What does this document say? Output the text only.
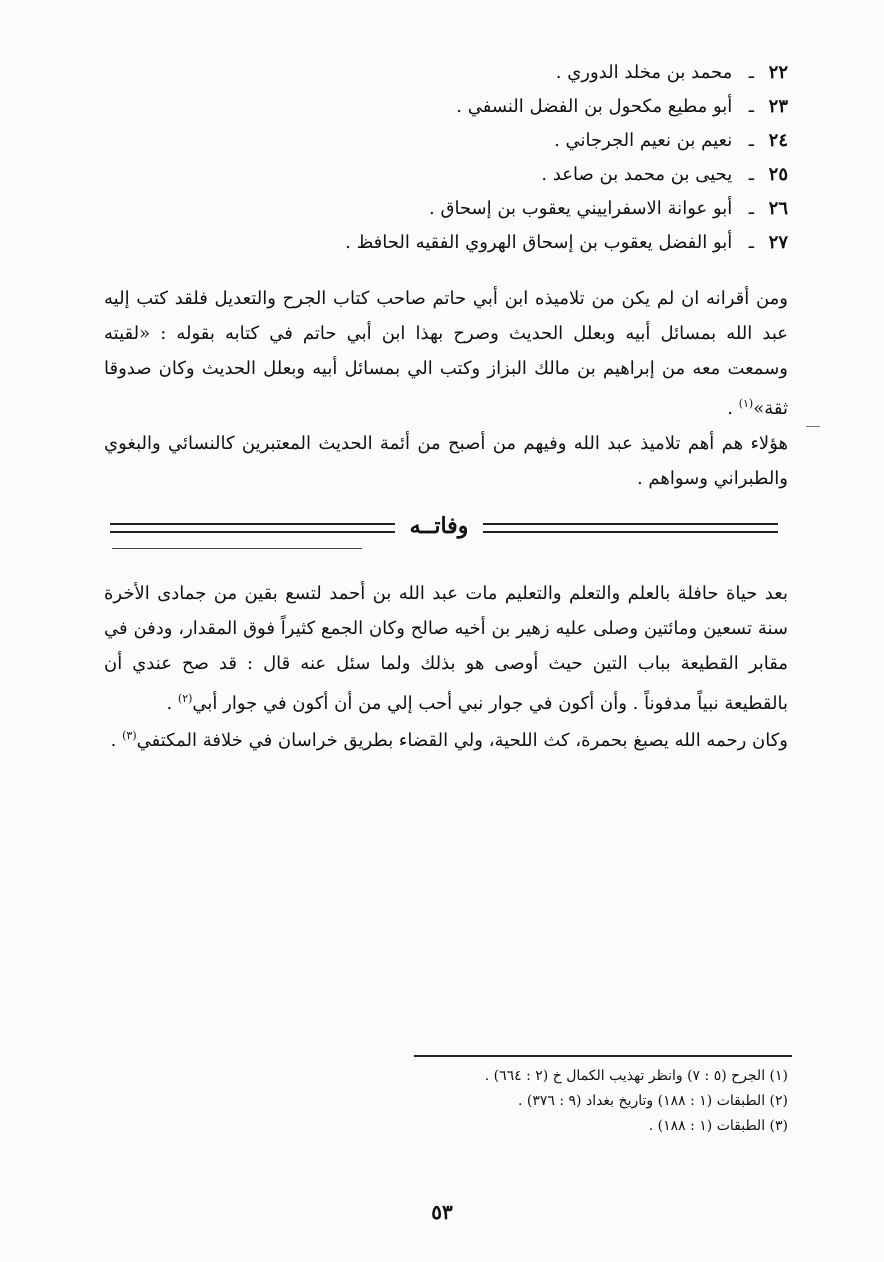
٢٢ـ محمد بن مخلد الدوري .
٢٣ـ أبو مطيع مكحول بن الفضل النسفي .
٢٤ـ نعيم بن نعيم الجرجاني .
٢٥ـ يحيى بن محمد بن صاعد .
٢٦ـ أبو عوانة الاسفراييني يعقوب بن إسحاق .
٢٧ـ أبو الفضل يعقوب بن إسحاق الهروي الفقيه الحافظ .

ومن أقرانه ان لم يكن من تلاميذه ابن أبي حاتم صاحب كتاب الجرح والتعديل فلقد كتب إليه عبد الله بمسائل أبيه وبعلل الحديث وصرح بهذا ابن أبي حاتم في كتابه بقوله : «لقيته وسمعت معه من إبراهيم بن مالك البزاز وكتب الي بمسائل أبيه وبعلل الحديث وكان صدوقا ثقة»$^{(١)}$ .

هؤلاء هم أهم تلاميذ عبد الله وفيهم من أصبح من أئمة الحديث المعتبرين كالنسائي والبغوي والطبراني وسواهم .

وفاتــه

بعد حياة حافلة بالعلم والتعلم والتعليم مات عبد الله بن أحمد لتسع بقين من جمادى الأخرة سنة تسعين ومائتين وصلى عليه زهير بن أخيه صالح وكان الجمع كثيراً فوق المقدار، ودفن في مقابر القطيعة بباب التين حيث أوصى هو بذلك ولما سئل عنه قال : قد صح عندي أن بالقطيعة نبياً مدفوناً . وأن أكون في جوار نبي أحب إلي من أن أكون في جوار أبي$^{(٢)}$ .

وكان رحمه الله يصبغ بحمرة، كث اللحية، ولي القضاء بطريق خراسان في خلافة المكتفي$^{(٣)}$ .

(١) الجرح (٥ : ٧) وانظر تهذيب الكمال خ (٢ : ٦٦٤) .
(٢) الطبقات (١ : ١٨٨) وتاريخ بغداد (٩ : ٣٧٦) .
(٣) الطبقات (١ : ١٨٨) .
٥٣
